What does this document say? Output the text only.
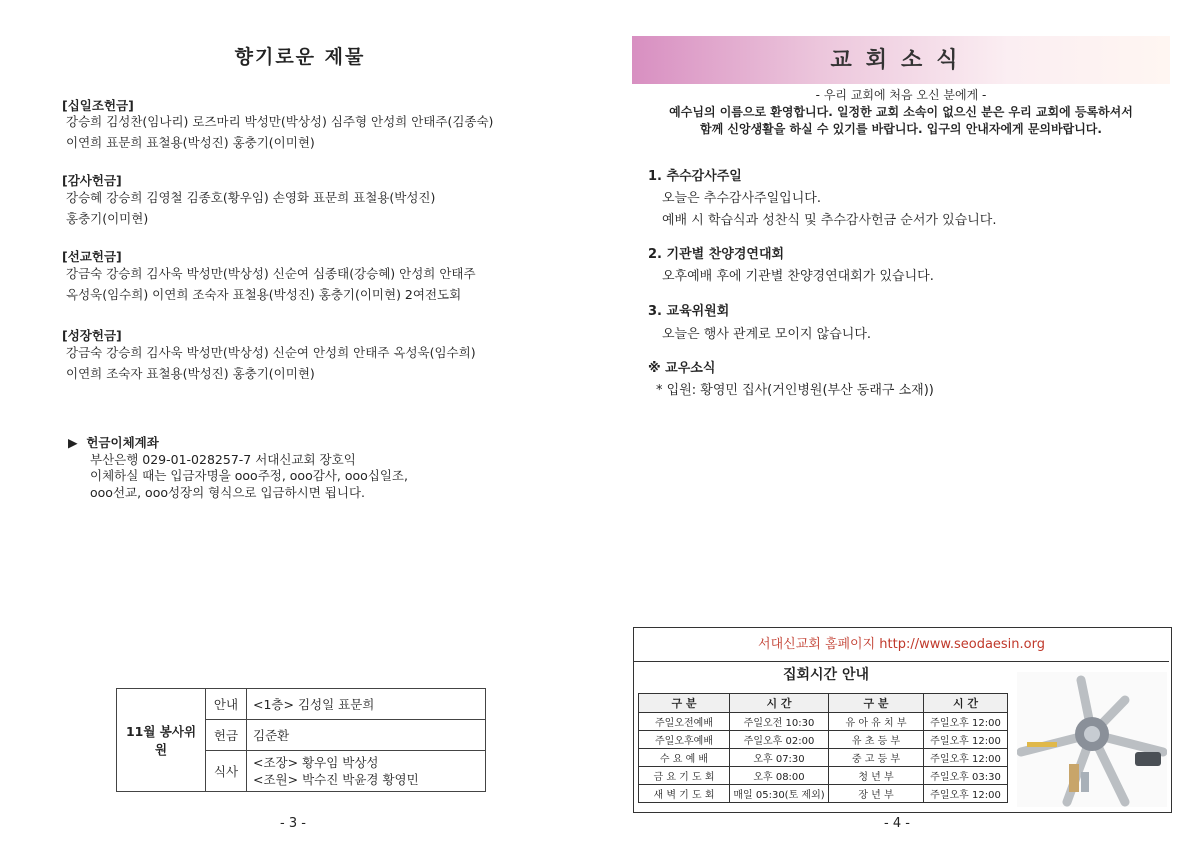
향기로운 제물
[십일조헌금]
강승희 김성찬(임나리) 로즈마리 박성만(박상성) 심주형 안성희 안태주(김종숙)
이연희 표문희 표철용(박성진) 홍충기(이미현)
[감사헌금]
강승혜 강승희 김영철 김종호(황우임) 손영화 표문희 표철용(박성진)
홍충기(이미현)
[선교헌금]
강금숙 강승희 김사욱 박성만(박상성) 신순여 심종태(강승혜) 안성희 안태주
옥성욱(임수희) 이연희 조숙자 표철용(박성진) 홍충기(이미현) 2여전도회
[성장헌금]
강금숙 강승희 김사욱 박성만(박상성) 신순여 안성희 안태주 옥성욱(임수희)
이연희 조숙자 표철용(박성진) 홍충기(이미현)
▶ 헌금이체계좌
부산은행 029-01-028257-7 서대신교회 장호익
이체하실 때는 입금자명을 ooo주정, ooo감사, ooo십일조,
ooo선교, ooo성장의 형식으로 입금하시면 됩니다.
11월 봉사위원	안내	<1층> 김성일 표문희
	헌금	김준환
	식사	<조장> 황우임 박상성
<조원> 박수진 박윤경 황영민
- 3 -
교회소식
- 우리 교회에 처음 오신 분에게 -
예수님의 이름으로 환영합니다. 일정한 교회 소속이 없으신 분은 우리 교회에 등록하셔서
함께 신앙생활을 하실 수 있기를 바랍니다. 입구의 안내자에게 문의바랍니다.
1. 추수감사주일
오늘은 추수감사주일입니다.
예배 시 학습식과 성찬식 및 추수감사헌금 순서가 있습니다.
2. 기관별 찬양경연대회
오후예배 후에 기관별 찬양경연대회가 있습니다.
3. 교육위원회
오늘은 행사 관계로 모이지 않습니다.
※ 교우소식
* 입원: 황영민 집사(거인병원(부산 동래구 소재))
서대신교회 홈페이지 http://www.seodaesin.org
집회시간 안내
구 분	시 간	구 분	시 간
주일오전예배	주일오전 10:30	유 아 유 치 부	주일오후 12:00
주일오후예배	주일오후 02:00	유 초 등 부	주일오후 12:00
수 요 예 배	오후 07:30	중 고 등 부	주일오후 12:00
금 요 기 도 회	오후 08:00	청 년 부	주일오후 03:30
새 벽 기 도 회	매일 05:30(토 제외)	장 년 부	주일오후 12:00
- 4 -
